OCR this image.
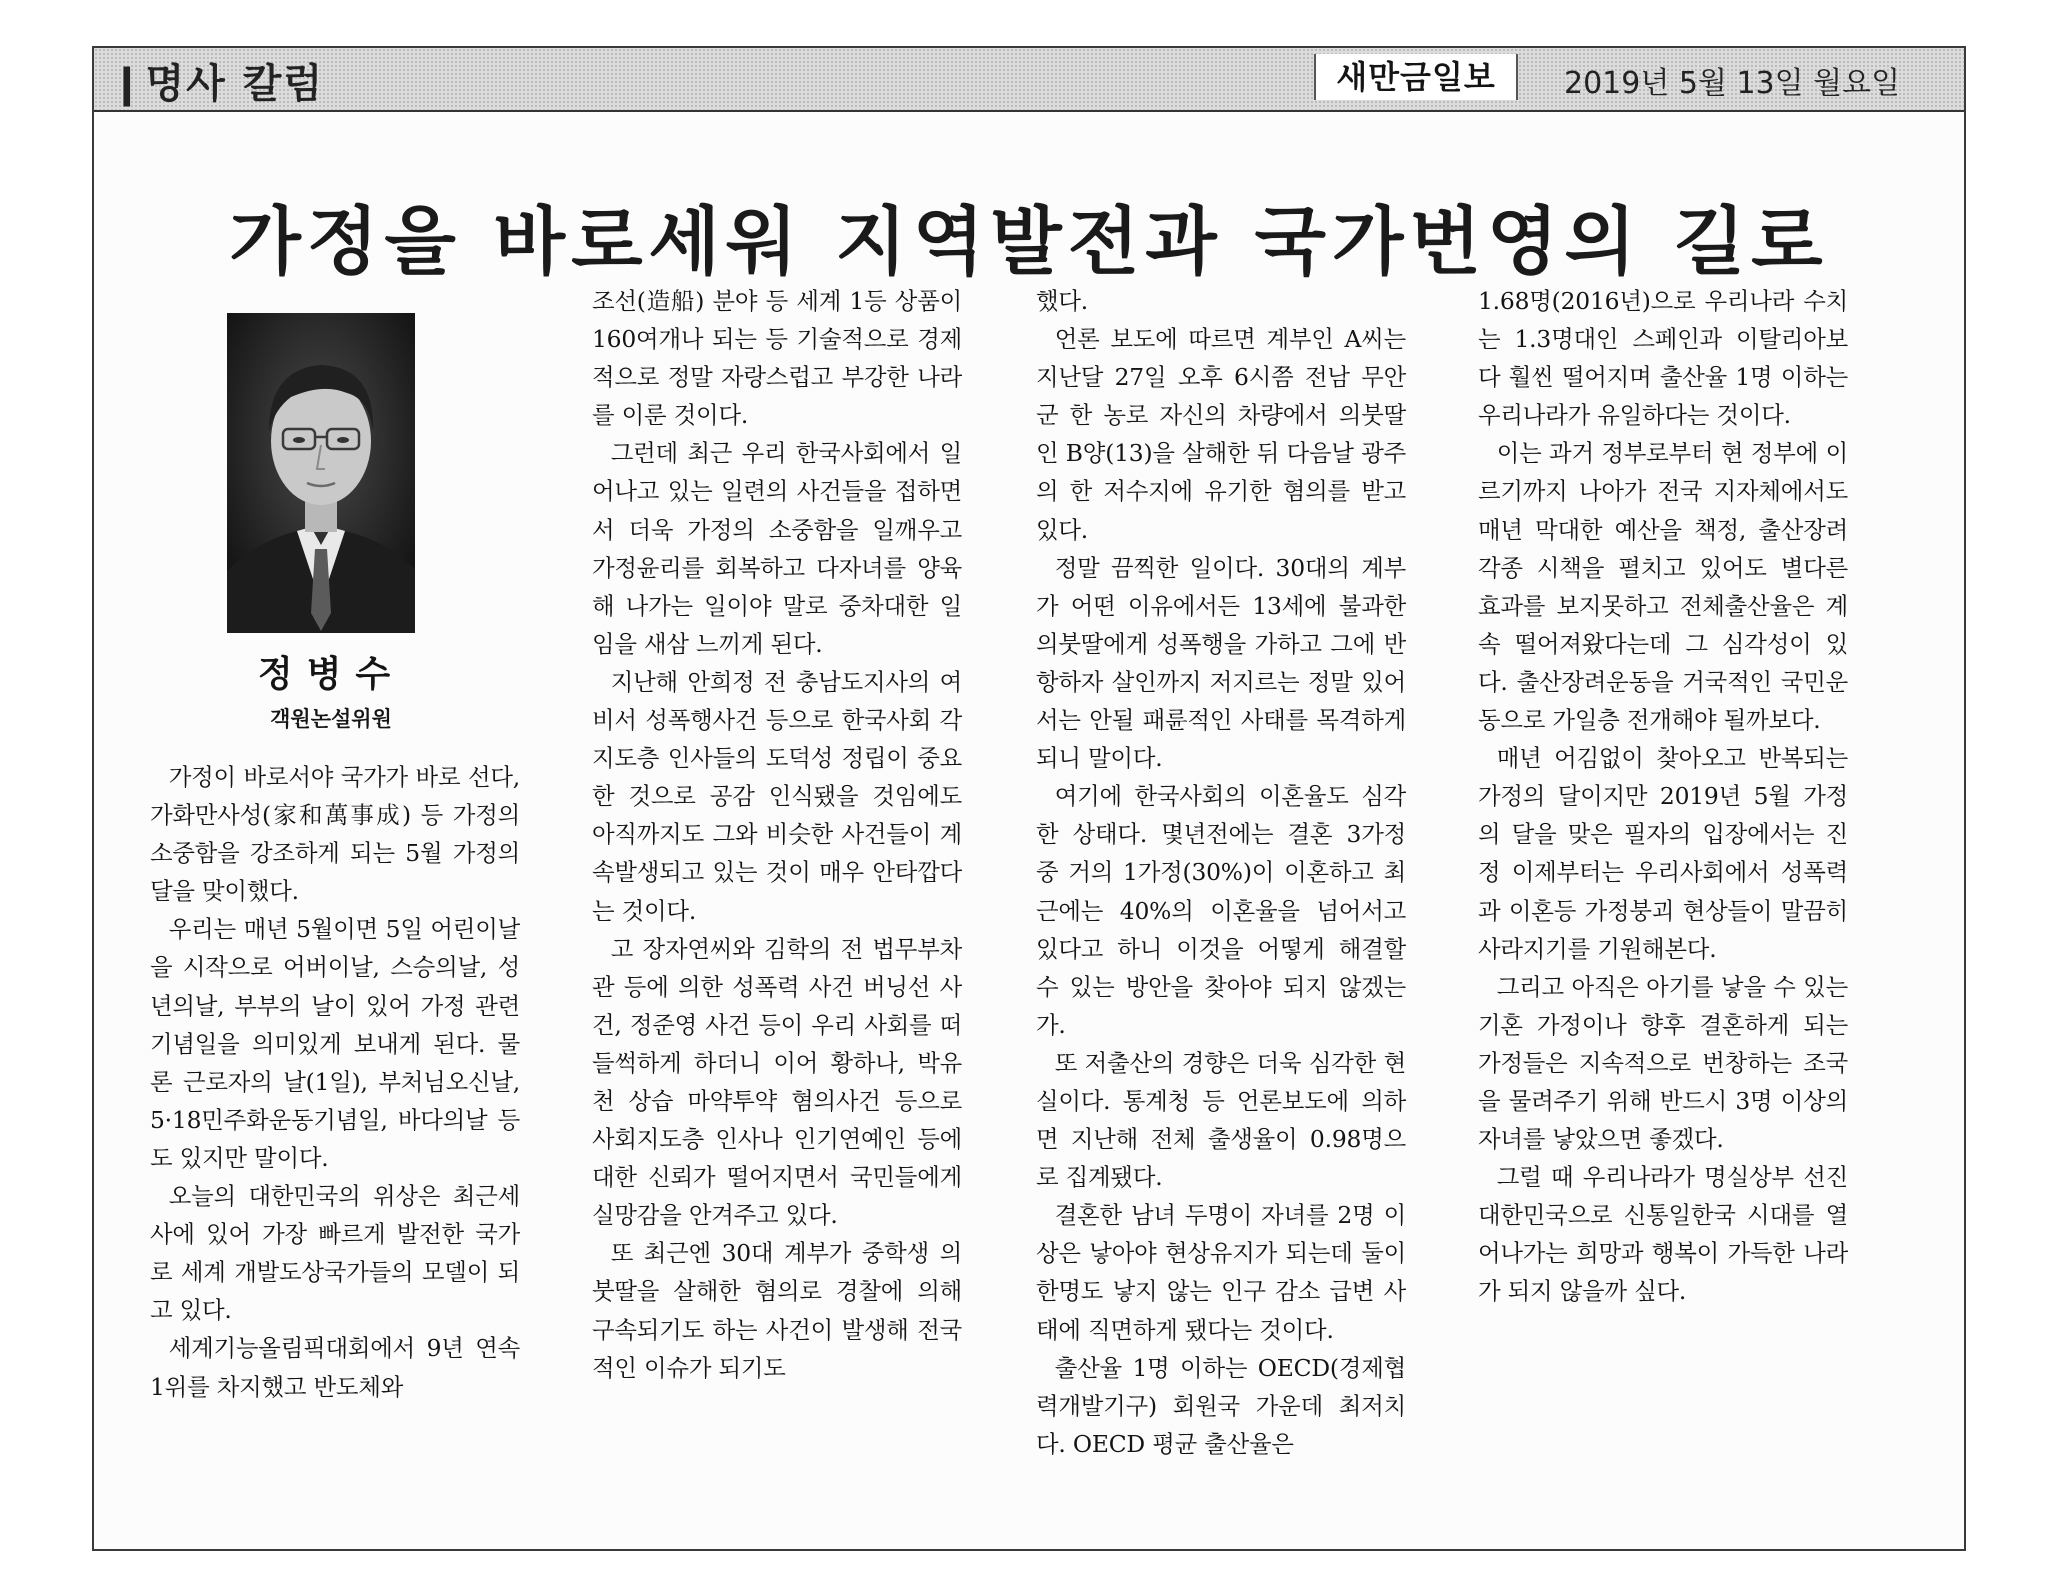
❙명사 칼럼	새만금일보	2019년 5월 13일 월요일
가정을 바로세워 지역발전과 국가번영의 길로
정병수
객원논설위원

가정이 바로서야 국가가 바로 선다, 가화만사성(家和萬事成) 등 가정의 소중함을 강조하게 되는 5월 가정의 달을 맞이했다.

우리는 매년 5월이면 5일 어린이날을 시작으로 어버이날, 스승의날, 성년의날, 부부의 날이 있어 가정 관련 기념일을 의미있게 보내게 된다. 물론 근로자의 날(1일), 부처님오신날, 5·18민주화운동기념일, 바다의날 등도 있지만 말이다.

오늘의 대한민국의 위상은 최근세사에 있어 가장 빠르게 발전한 국가로 세계 개발도상국가들의 모델이 되고 있다.

세계기능올림픽대회에서 9년 연속 1위를 차지했고 반도체와

조선(造船) 분야 등 세계 1등 상품이 160여개나 되는 등 기술적으로 경제적으로 정말 자랑스럽고 부강한 나라를 이룬 것이다.

그런데 최근 우리 한국사회에서 일어나고 있는 일련의 사건들을 접하면서 더욱 가정의 소중함을 일깨우고 가정윤리를 회복하고 다자녀를 양육해 나가는 일이야 말로 중차대한 일임을 새삼 느끼게 된다.

지난해 안희정 전 충남도지사의 여비서 성폭행사건 등으로 한국사회 각 지도층 인사들의 도덕성 정립이 중요한 것으로 공감 인식됐을 것임에도 아직까지도 그와 비슷한 사건들이 계속발생되고 있는 것이 매우 안타깝다는 것이다.

고 장자연씨와 김학의 전 법무부차관 등에 의한 성폭력 사건 버닝선 사건, 정준영 사건 등이 우리 사회를 떠들썩하게 하더니 이어 황하나, 박유천 상습 마약투약 혐의사건 등으로 사회지도층 인사나 인기연예인 등에 대한 신뢰가 떨어지면서 국민들에게 실망감을 안겨주고 있다.

또 최근엔 30대 계부가 중학생 의붓딸을 살해한 혐의로 경찰에 의해 구속되기도 하는 사건이 발생해 전국적인 이슈가 되기도

했다.

언론 보도에 따르면 계부인 A씨는 지난달 27일 오후 6시쯤 전남 무안군 한 농로 자신의 차량에서 의붓딸인 B양(13)을 살해한 뒤 다음날 광주의 한 저수지에 유기한 혐의를 받고 있다.

정말 끔찍한 일이다. 30대의 계부가 어떤 이유에서든 13세에 불과한 의붓딸에게 성폭행을 가하고 그에 반항하자 살인까지 저지르는 정말 있어서는 안될 패륜적인 사태를 목격하게 되니 말이다.

여기에 한국사회의 이혼율도 심각한 상태다. 몇년전에는 결혼 3가정 중 거의 1가정(30%)이 이혼하고 최근에는 40%의 이혼율을 넘어서고 있다고 하니 이것을 어떻게 해결할 수 있는 방안을 찾아야 되지 않겠는가.

또 저출산의 경향은 더욱 심각한 현실이다. 통계청 등 언론보도에 의하면 지난해 전체 출생율이 0.98명으로 집계됐다.

결혼한 남녀 두명이 자녀를 2명 이상은 낳아야 현상유지가 되는데 둘이 한명도 낳지 않는 인구 감소 급변 사태에 직면하게 됐다는 것이다.

출산율 1명 이하는 OECD(경제협력개발기구) 회원국 가운데 최저치다. OECD 평균 출산율은

1.68명(2016년)으로 우리나라 수치는 1.3명대인 스페인과 이탈리아보다 훨씬 떨어지며 출산율 1명 이하는 우리나라가 유일하다는 것이다.

이는 과거 정부로부터 현 정부에 이르기까지 나아가 전국 지자체에서도 매년 막대한 예산을 책정, 출산장려 각종 시책을 펼치고 있어도 별다른 효과를 보지못하고 전체출산율은 계속 떨어져왔다는데 그 심각성이 있다. 출산장려운동을 거국적인 국민운동으로 가일층 전개해야 될까보다.

매년 어김없이 찾아오고 반복되는 가정의 달이지만 2019년 5월 가정의 달을 맞은 필자의 입장에서는 진정 이제부터는 우리사회에서 성폭력과 이혼등 가정붕괴 현상들이 말끔히 사라지기를 기원해본다.

그리고 아직은 아기를 낳을 수 있는 기혼 가정이나 향후 결혼하게 되는 가정들은 지속적으로 번창하는 조국을 물려주기 위해 반드시 3명 이상의 자녀를 낳았으면 좋겠다.

그럴 때 우리나라가 명실상부 선진 대한민국으로 신통일한국 시대를 열어나가는 희망과 행복이 가득한 나라가 되지 않을까 싶다.
